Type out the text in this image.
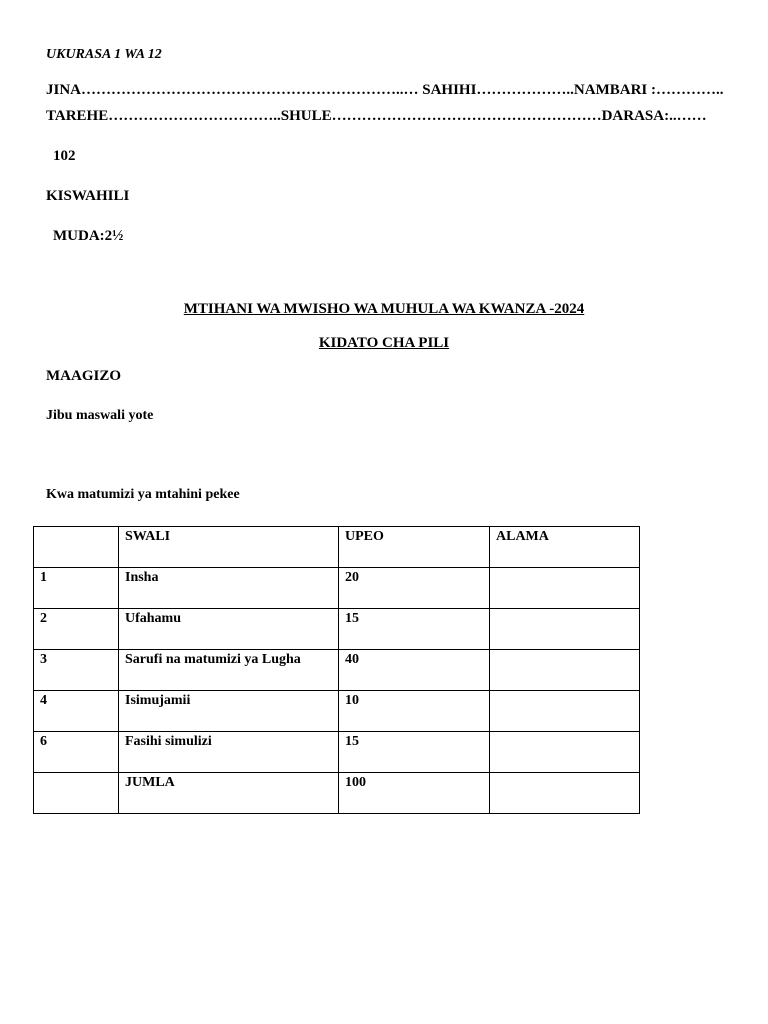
UKURASA 1 WA 12
JINA………………………………………………………..… SAHIHI………………..NAMBARI :…………..
TAREHE……………………………..SHULE………………………………………………DARASA:..……
102
KISWAHILI
MUDA:2½
MTIHANI WA MWISHO WA MUHULA WA KWANZA -2024
KIDATO CHA PILI
MAAGIZO
Jibu maswali yote
Kwa matumizi ya mtahini pekee
	SWALI	UPEO	ALAMA
1	Insha	20	
2	Ufahamu	15	
3	Sarufi na matumizi ya Lugha	40	
4	Isimujamii	10	
6	Fasihi simulizi	15	
	JUMLA	100	
